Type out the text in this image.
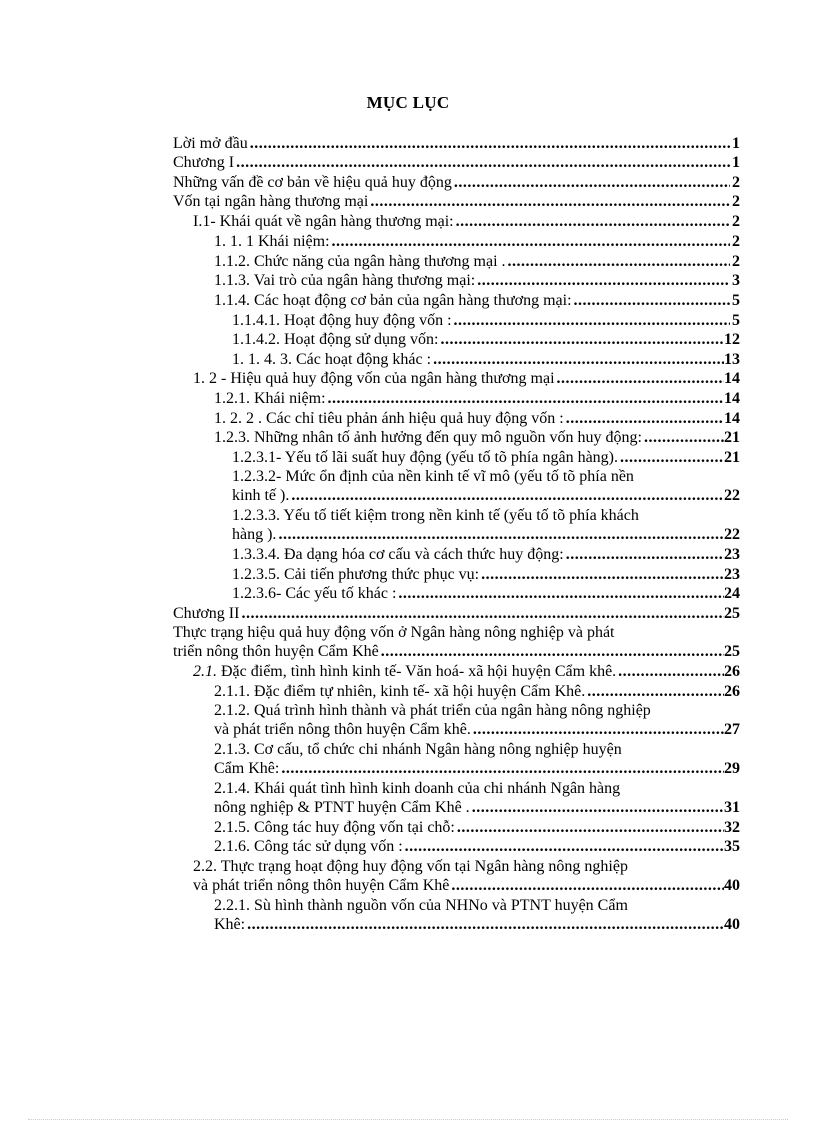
MỤC LỤC
Lời mở đầu .....	1
Chương I .....	1
Những vấn đề cơ bản về hiệu quả huy động .....	2
Vốn tại ngân hàng thương mại .....	2
I.1- Khái quát về ngân hàng thương mại: .....	2
1. 1. 1 Khái niệm: .....	2
1.1.2. Chức năng của ngân hàng thương mại . .....	2
1.1.3. Vai trò của ngân hàng thương mại: .....	3
1.1.4. Các hoạt động cơ bản của ngân hàng thương mại: .....	5
1.1.4.1. Hoạt động huy động vốn : .....	5
1.1.4.2. Hoạt động sử dụng vốn: .....	12
1. 1. 4. 3. Các hoạt động khác : .....	13
1. 2 - Hiệu quả huy động vốn của ngân hàng thương mại .....	14
1.2.1. Khái niệm: .....	14
1. 2. 2 . Các chỉ tiêu phản ánh hiệu quả huy động vốn : .....	14
1.2.3. Những nhân tố ảnh hưởng đến quy mô nguồn vốn huy động: .....	21
1.2.3.1- Yếu tố lãi suất huy động (yếu tố tõ phía ngân hàng). .....	21
1.2.3.2- Mức ổn định của nền kinh tế vĩ mô (yếu tố tõ phía nền
kinh tế ). .....	22
1.2.3.3. Yếu tố tiết kiệm trong nền kinh tế (yếu tố tõ phía khách
hàng ). .....	22
1.3.3.4. Đa dạng hóa cơ cấu và cách thức huy động: .....	23
1.2.3.5. Cải tiến phương thức phục vụ: .....	23
1.2.3.6- Các yếu tố khác : .....	24
Chương II .....	25
Thực trạng hiệu quả huy động vốn ở Ngân hàng nông nghiệp và phát
triển nông thôn huyện Cẩm Khê .....	25
2.1. Đặc điểm, tình hình kinh tế- Văn hoá- xã hội huyện Cẩm khê. .....	26
2.1.1. Đặc điểm tự nhiên, kinh tế- xã hội huyện Cẩm Khê. .....	26
2.1.2. Quá trình hình thành và phát triển của ngân hàng nông nghiệp
và phát triển nông thôn huyện Cẩm khê. .....	27
2.1.3. Cơ cấu, tổ chức chi nhánh Ngân hàng nông nghiệp huyện
Cẩm Khê: .....	29
2.1.4. Khái quát tình hình kinh doanh của chi nhánh Ngân hàng
nông nghiệp & PTNT huyện Cẩm Khê . .....	31
2.1.5. Công tác huy động vốn tại chỗ: .....	32
2.1.6. Công tác sử dụng vốn : .....	35
2.2. Thực trạng hoạt động huy động vốn tại Ngân hàng nông nghiệp
và phát triển nông thôn huyện Cẩm Khê .....	40
2.2.1. Sù hình thành nguồn vốn của NHNo và PTNT huyện Cẩm
Khê: .....	40
